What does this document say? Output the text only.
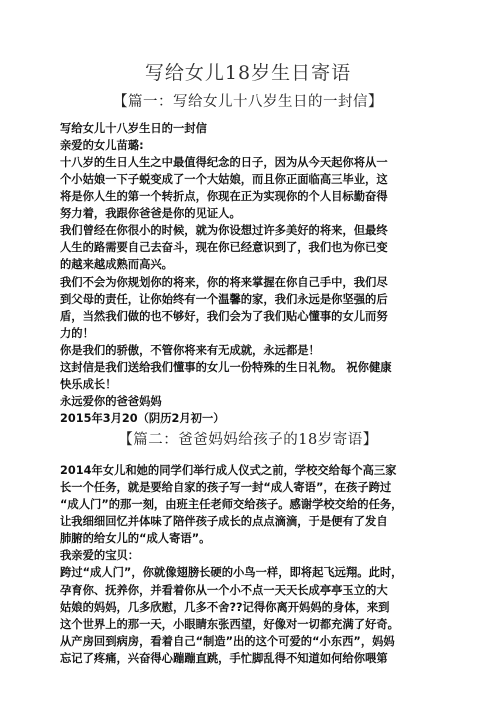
写给女儿18岁生日寄语
【篇一：写给女儿十八岁生日的一封信】
写给女儿十八岁生日的一封信
亲爱的女儿苗璐:
十八岁的生日人生之中最值得纪念的日子，因为从今天起你将从一
个小姑娘一下子蜕变成了一个大姑娘，而且你正面临高三毕业，这
将是你人生的第一个转折点，你现在正为实现你的个人目标勤奋得
努力着，我跟你爸爸是你的见证人。
我们曾经在你很小的时候，就为你设想过许多美好的将来，但最终
人生的路需要自己去奋斗，现在你已经意识到了，我们也为你已变
的越来越成熟而高兴。
我们不会为你规划你的将来，你的将来掌握在你自己手中，我们尽
到父母的责任，让你始终有一个温馨的家，我们永远是你坚强的后
盾，当然我们做的也不够好，我们会为了我们贴心懂事的女儿而努
力的！
你是我们的骄傲，不管你将来有无成就，永远都是！
这封信是我们送给我们懂事的女儿一份特殊的生日礼物。 祝你健康
快乐成长！
永远爱你的爸爸妈妈
2015年3月20（阴历2月初一）
【篇二：爸爸妈妈给孩子的18岁寄语】
2014年女儿和她的同学们举行成人仪式之前，学校交给每个高三家
长一个任务，就是要给自家的孩子写一封“成人寄语”，在孩子跨过
“成人门”的那一刻，由班主任老师交给孩子。感谢学校交给的任务，
让我细细回忆并体味了陪伴孩子成长的点点滴滴，于是便有了发自
肺腑的给女儿的“成人寄语”。
我亲爱的宝贝：
跨过“成人门”，你就像翅膀长硬的小鸟一样，即将起飞远翔。此时，
孕育你、抚养你，并看着你从一个小不点一天天长成亭亭玉立的大
姑娘的妈妈，几多欣慰，几多不舍??记得你离开妈妈的身体，来到
这个世界上的那一天，小眼睛东张西望，好像对一切都充满了好奇。
从产房回到病房，看着自己“制造”出的这个可爱的“小东西”，妈妈
忘记了疼痛，兴奋得心蹦蹦直跳，手忙脚乱得不知道如何给你喂第
